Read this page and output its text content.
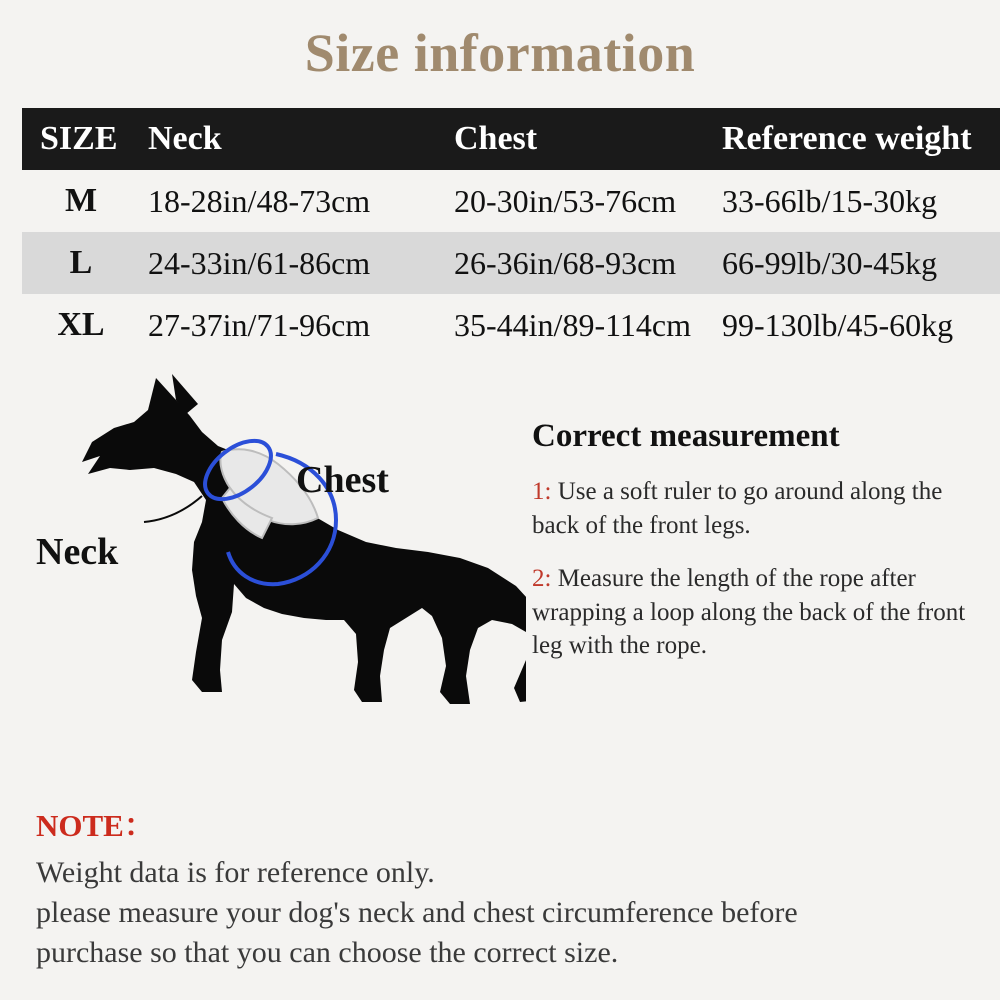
Size information
SIZE	Neck	Chest	Reference weight
M	18-28in/48-73cm	20-30in/53-76cm	33-66lb/15-30kg
L	24-33in/61-86cm	26-36in/68-93cm	66-99lb/30-45kg
XL	27-37in/71-96cm	35-44in/89-114cm	99-130lb/45-60kg
Neck
Chest
Correct measurement
1: Use a soft ruler to go around along the back of the front legs.
2: Measure the length of the rope after wrapping a loop along the back of the front leg with the rope.
NOTE：
Weight data is for reference only.
please measure your dog's neck and chest circumference before
purchase so that you can choose the correct size.
